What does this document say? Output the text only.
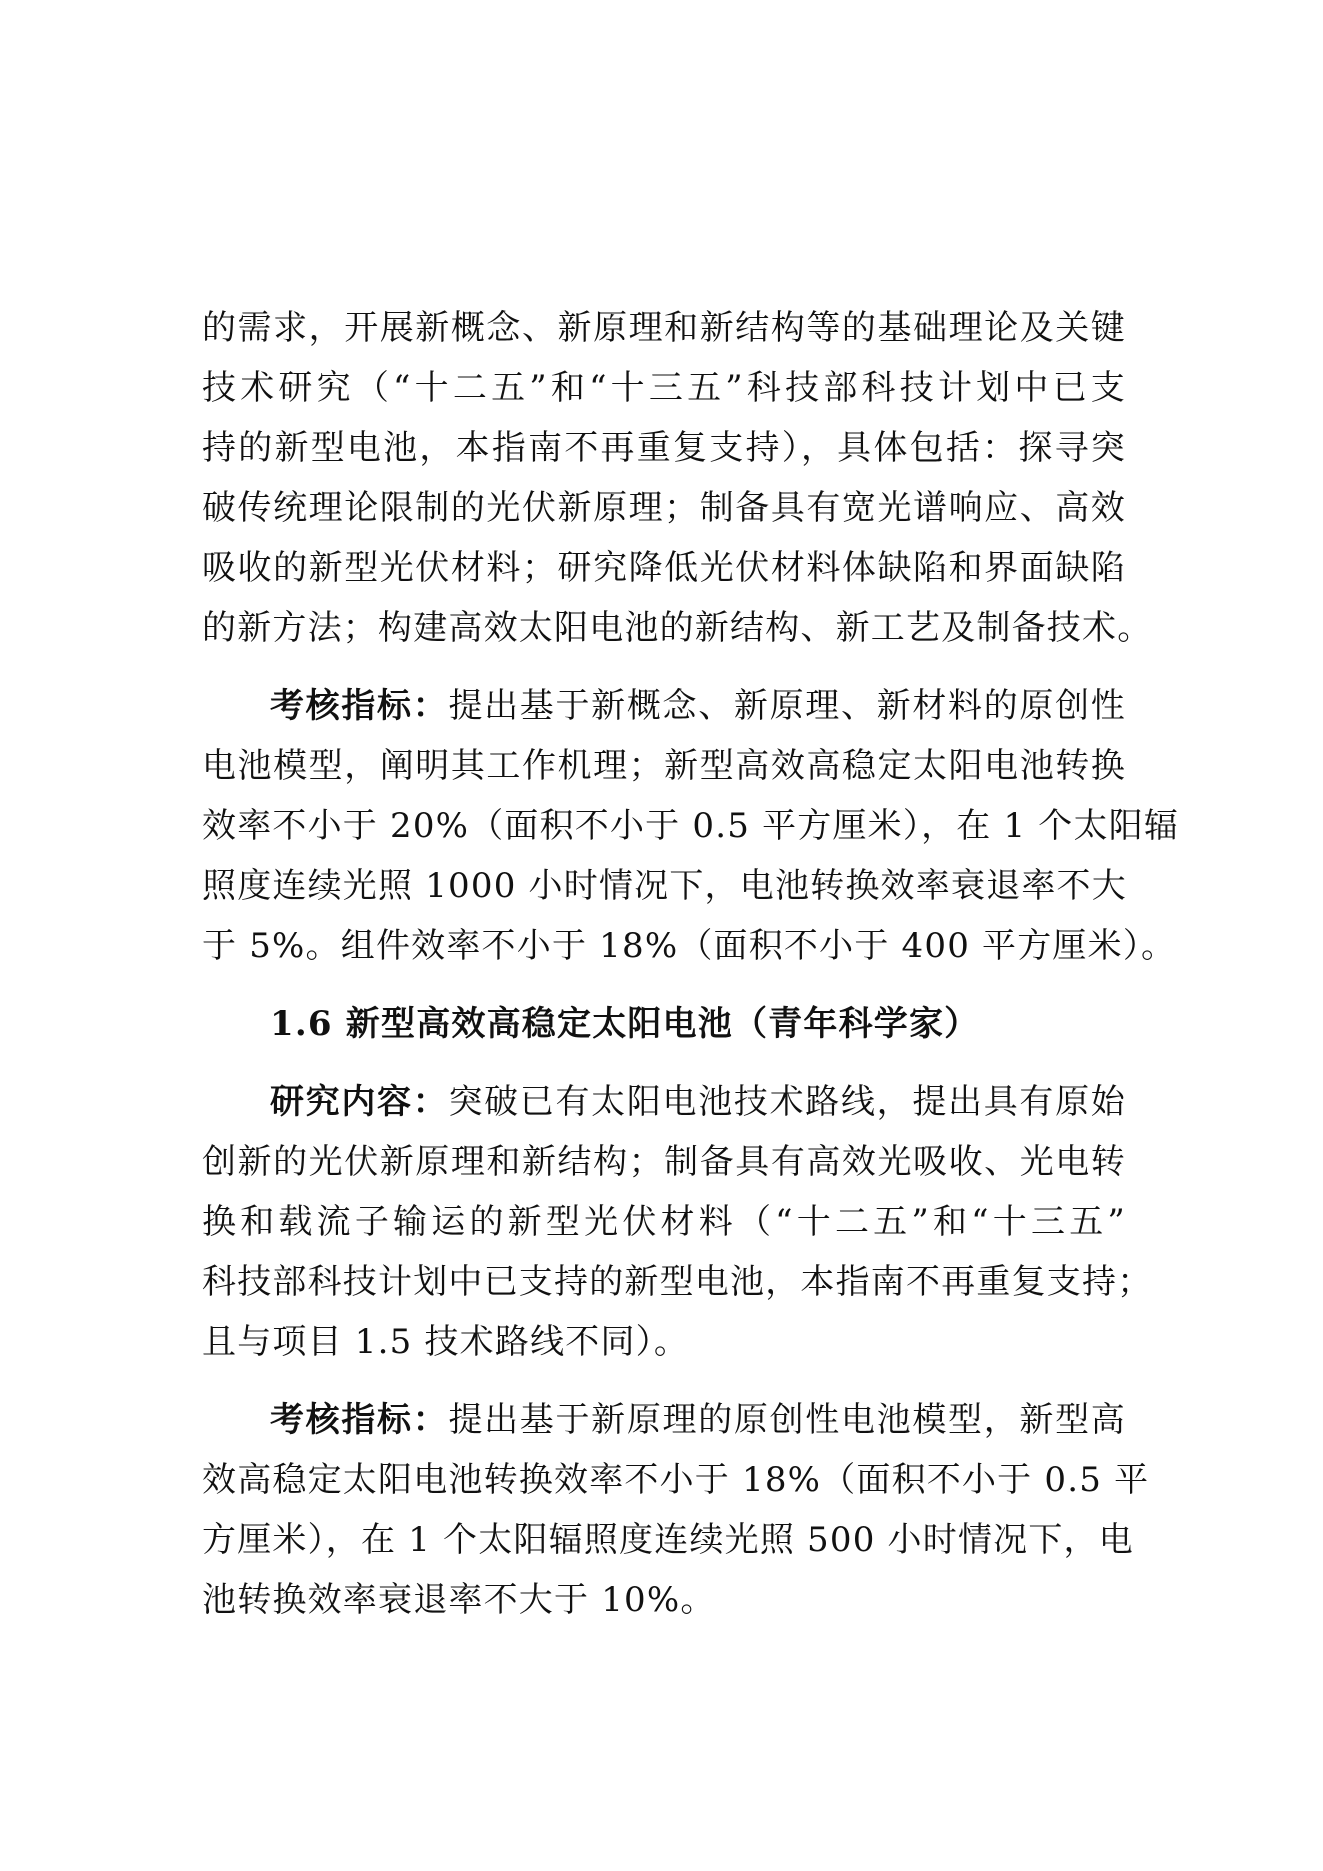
的需求，开展新概念、新原理和新结构等的基础理论及关键
技术研究（“十二五”和“十三五”科技部科技计划中已支
持的新型电池，本指南不再重复支持），具体包括：探寻突
破传统理论限制的光伏新原理；制备具有宽光谱响应、高效
吸收的新型光伏材料；研究降低光伏材料体缺陷和界面缺陷
的新方法；构建高效太阳电池的新结构、新工艺及制备技术。
考核指标：提出基于新概念、新原理、新材料的原创性
电池模型，阐明其工作机理；新型高效高稳定太阳电池转换
效率不小于 20%（面积不小于 0.5 平方厘米），在 1 个太阳辐
照度连续光照 1000 小时情况下，电池转换效率衰退率不大
于 5%。组件效率不小于 18%（面积不小于 400 平方厘米）。
1.6 新型高效高稳定太阳电池（青年科学家）
研究内容：突破已有太阳电池技术路线，提出具有原始
创新的光伏新原理和新结构；制备具有高效光吸收、光电转
换和载流子输运的新型光伏材料（“十二五”和“十三五”
科技部科技计划中已支持的新型电池，本指南不再重复支持；
且与项目 1.5 技术路线不同）。
考核指标：提出基于新原理的原创性电池模型，新型高
效高稳定太阳电池转换效率不小于 18%（面积不小于 0.5 平
方厘米），在 1 个太阳辐照度连续光照 500 小时情况下，电
池转换效率衰退率不大于 10%。
